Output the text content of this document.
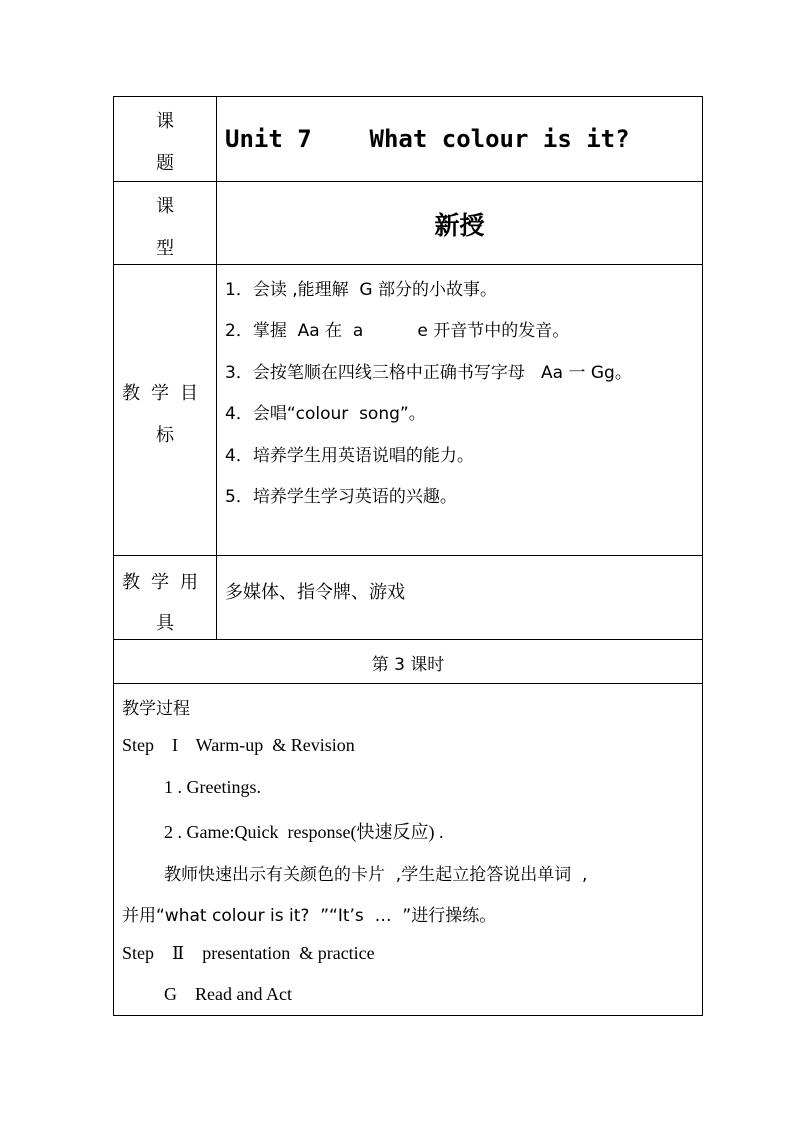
课
题
Unit 7    What colour is it?
课
型
新授
教学目
标
1．会读 ,能理解  G 部分的小故事。
2．掌握  Aa 在  a          e 开音节中的发音。
3．会按笔顺在四线三格中正确书写字母   Aa 一 Gg。
4．会唱“colour  song”。
4．培养学生用英语说唱的能力。
5．培养学生学习英语的兴趣。
教学用
具
多媒体、指令牌、游戏
第 3 课时
教学过程
Step    I    Warm-up  & Revision
1 . Greetings.
2 . Game:Quick  response(快速反应) .
教师快速出示有关颜色的卡片  ,学生起立抢答说出单词  ,
并用“what colour is it?  ”“It’s  …  ”进行操练。
Step    Ⅱ    presentation  & practice
G    Read and Act
